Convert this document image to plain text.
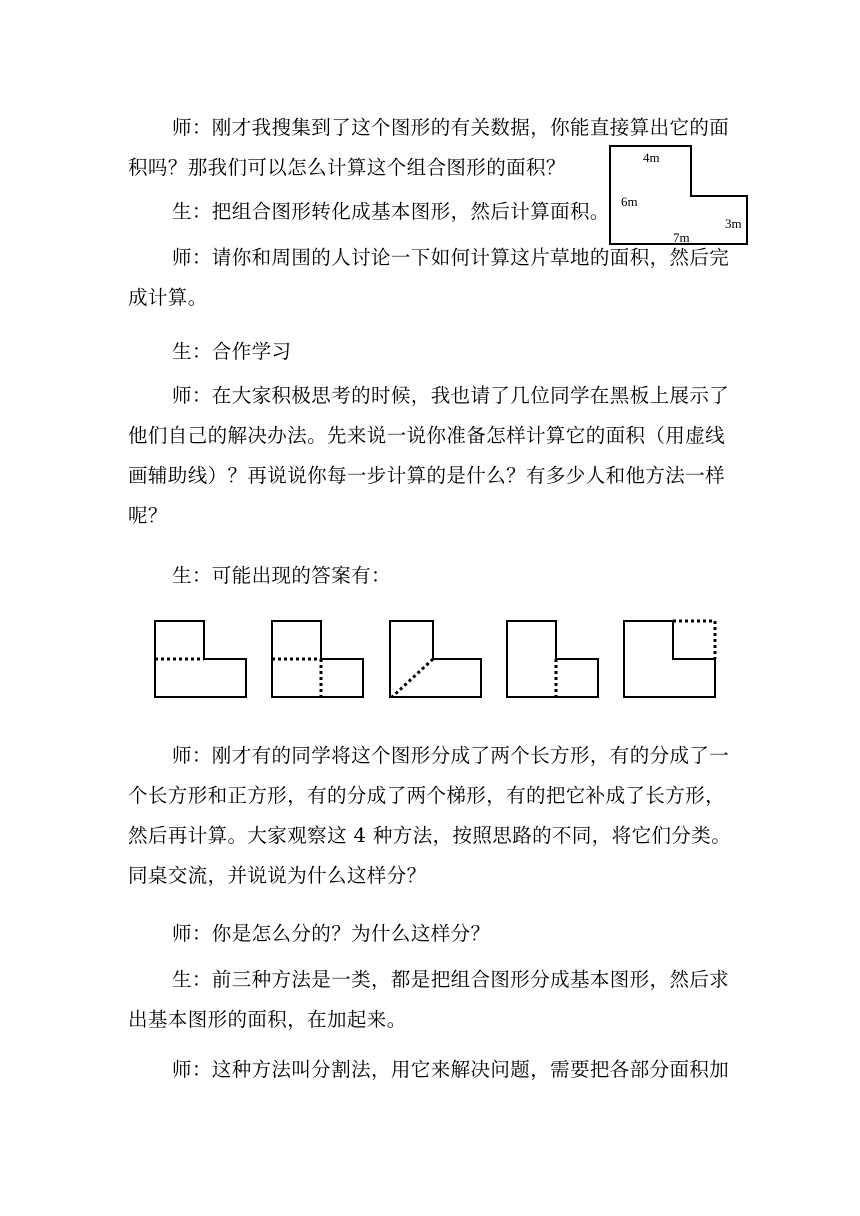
师：刚才我搜集到了这个图形的有关数据，你能直接算出它的面积吗？那我们可以怎么计算这个组合图形的面积？

生：把组合图形转化成基本图形，然后计算面积。

师：请你和周围的人讨论一下如何计算这片草地的面积，然后完成计算。

生：合作学习

师：在大家积极思考的时候，我也请了几位同学在黑板上展示了他们自己的解决办法。先来说一说你准备怎样计算它的面积（用虚线画辅助线）？再说说你每一步计算的是什么？有多少人和他方法一样呢？

生：可能出现的答案有：

师：刚才有的同学将这个图形分成了两个长方形，有的分成了一个长方形和正方形，有的分成了两个梯形，有的把它补成了长方形，然后再计算。大家观察这 4 种方法，按照思路的不同，将它们分类。同桌交流，并说说为什么这样分？

师：你是怎么分的？为什么这样分？

生：前三种方法是一类，都是把组合图形分成基本图形，然后求出基本图形的面积，在加起来。

师：这种方法叫分割法，用它来解决问题，需要把各部分面积加

4m
6m
3m
7m
